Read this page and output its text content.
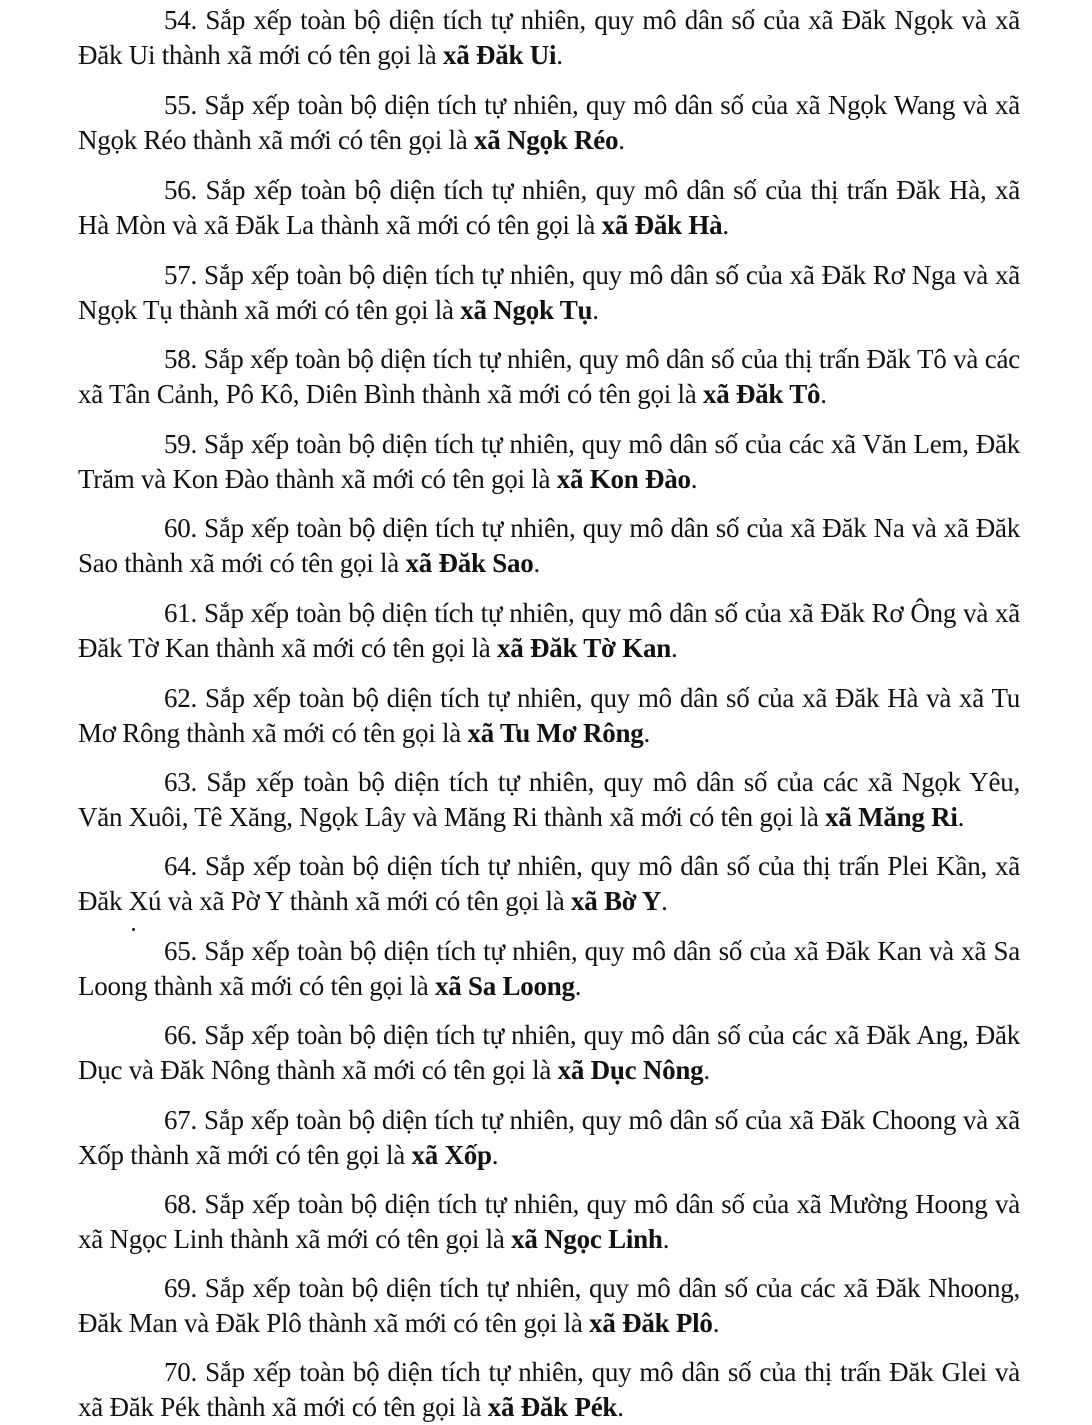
54. Sắp xếp toàn bộ diện tích tự nhiên, quy mô dân số của xã Đăk Ngọk và xã Đăk Ui thành xã mới có tên gọi là xã Đăk Ui.

55. Sắp xếp toàn bộ diện tích tự nhiên, quy mô dân số của xã Ngọk Wang và xã Ngọk Réo thành xã mới có tên gọi là xã Ngọk Réo.

56. Sắp xếp toàn bộ diện tích tự nhiên, quy mô dân số của thị trấn Đăk Hà, xã Hà Mòn và xã Đăk La thành xã mới có tên gọi là xã Đăk Hà.

57. Sắp xếp toàn bộ diện tích tự nhiên, quy mô dân số của xã Đăk Rơ Nga và xã Ngọk Tụ thành xã mới có tên gọi là xã Ngọk Tụ.

58. Sắp xếp toàn bộ diện tích tự nhiên, quy mô dân số của thị trấn Đăk Tô và các xã Tân Cảnh, Pô Kô, Diên Bình thành xã mới có tên gọi là xã Đăk Tô.

59. Sắp xếp toàn bộ diện tích tự nhiên, quy mô dân số của các xã Văn Lem, Đăk Trăm và Kon Đào thành xã mới có tên gọi là xã Kon Đào.

60. Sắp xếp toàn bộ diện tích tự nhiên, quy mô dân số của xã Đăk Na và xã Đăk Sao thành xã mới có tên gọi là xã Đăk Sao.

61. Sắp xếp toàn bộ diện tích tự nhiên, quy mô dân số của xã Đăk Rơ Ông và xã Đăk Tờ Kan thành xã mới có tên gọi là xã Đăk Tờ Kan.

62. Sắp xếp toàn bộ diện tích tự nhiên, quy mô dân số của xã Đăk Hà và xã Tu Mơ Rông thành xã mới có tên gọi là xã Tu Mơ Rông.

63. Sắp xếp toàn bộ diện tích tự nhiên, quy mô dân số của các xã Ngọk Yêu, Văn Xuôi, Tê Xăng, Ngọk Lây và Măng Ri thành xã mới có tên gọi là xã Măng Ri.

64. Sắp xếp toàn bộ diện tích tự nhiên, quy mô dân số của thị trấn Plei Kần, xã Đăk Xú và xã Pờ Y thành xã mới có tên gọi là xã Bờ Y.

65. Sắp xếp toàn bộ diện tích tự nhiên, quy mô dân số của xã Đăk Kan và xã Sa Loong thành xã mới có tên gọi là xã Sa Loong.

66. Sắp xếp toàn bộ diện tích tự nhiên, quy mô dân số của các xã Đăk Ang, Đăk Dục và Đăk Nông thành xã mới có tên gọi là xã Dục Nông.

67. Sắp xếp toàn bộ diện tích tự nhiên, quy mô dân số của xã Đăk Choong và xã Xốp thành xã mới có tên gọi là xã Xốp.

68. Sắp xếp toàn bộ diện tích tự nhiên, quy mô dân số của xã Mường Hoong và xã Ngọc Linh thành xã mới có tên gọi là xã Ngọc Linh.

69. Sắp xếp toàn bộ diện tích tự nhiên, quy mô dân số của các xã Đăk Nhoong, Đăk Man và Đăk Plô thành xã mới có tên gọi là xã Đăk Plô.

70. Sắp xếp toàn bộ diện tích tự nhiên, quy mô dân số của thị trấn Đăk Glei và xã Đăk Pék thành xã mới có tên gọi là xã Đăk Pék.
